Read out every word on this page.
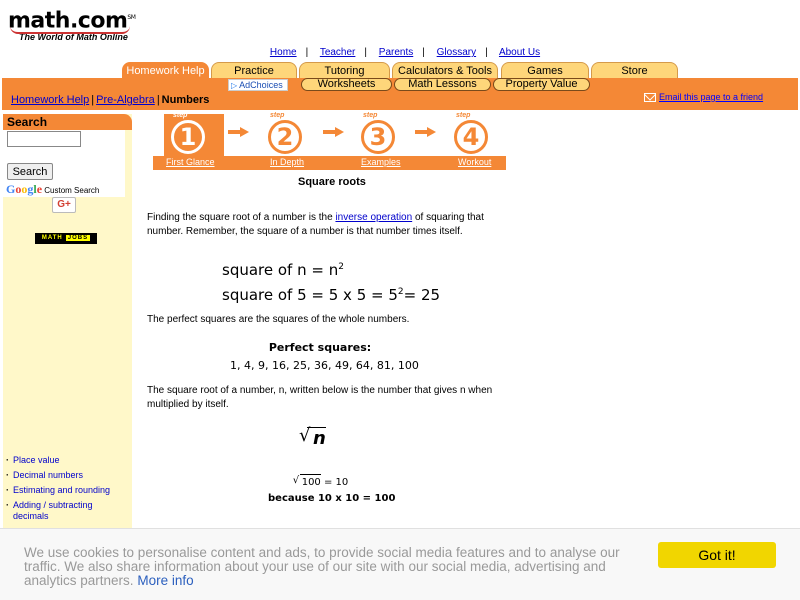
math.com℠
The World of Math Online
Home | Teacher | Parents | Glossary | About Us
Homework Help	Practice	Tutoring	Calculators & Tools	Games	Store
▷ AdChoices	Worksheets	Math Lessons	Property Value
Homework Help | Pre-Algebra | Numbers	Email this page to a friend
Search
Search
Google Custom Search
G+
MATH JOBS
· Place value
· Decimal numbers
· Estimating and rounding
· Adding / subtracting decimals
step
1
step
2
step
3
step
4
First Glance	In Depth	Examples	Workout
Square roots
Finding the square root of a number is the inverse operation of squaring that number. Remember, the square of a number is that number times itself.
square of $n = n^2$
square of 5 = 5 x $5 = 5^2= 25$
The perfect squares are the squares of the whole numbers.
Perfect squares:
1, 4, 9, 16, 25, 36, 49, 64, 81, 100
The square root of a number, n, written below is the number that gives n when multiplied by itself.
√ n
√ 100 = 10
because 10 x 10 = 100
We use cookies to personalise content and ads, to provide social media features and to analyse our traffic. We also share information about your use of our site with our social media, advertising and analytics partners. More info
Got it!
